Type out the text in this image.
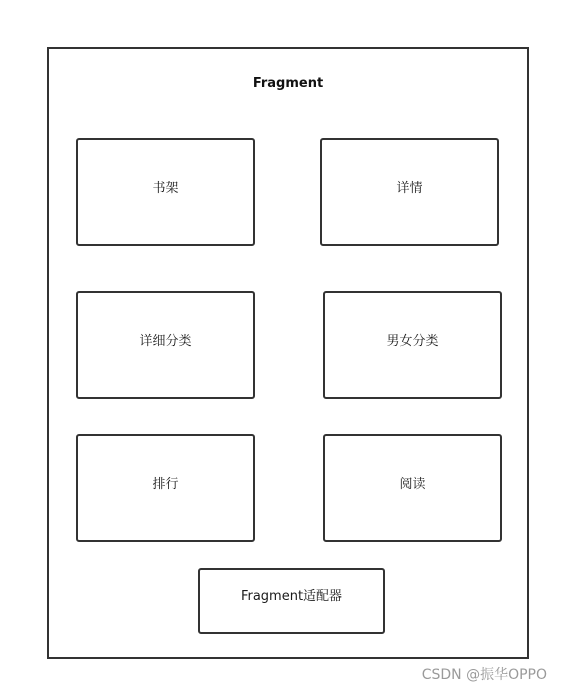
Fragment
书架	详情
详细分类	男女分类
排行	阅读
Fragment适配器
CSDN @振华OPPO
